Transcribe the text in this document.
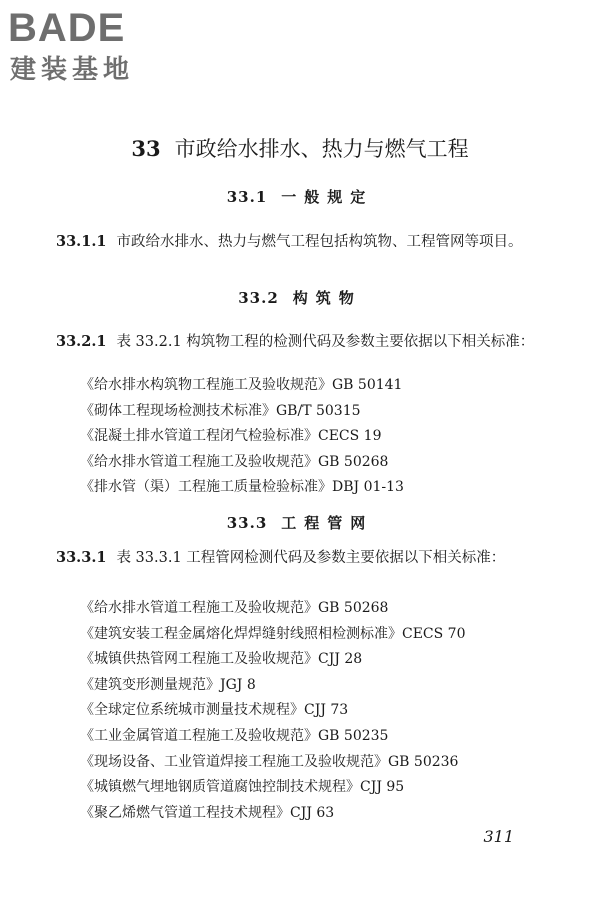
BADE
建装基地
33 市政给水排水、热力与燃气工程
33.1 一般规定
33.1.1 市政给水排水、热力与燃气工程包括构筑物、工程管网等项目。
33.2 构筑物
33.2.1 表 33.2.1 构筑物工程的检测代码及参数主要依据以下相关标准：
《给水排水构筑物工程施工及验收规范》GB 50141
《砌体工程现场检测技术标准》GB/T 50315
《混凝土排水管道工程闭气检验标准》CECS 19
《给水排水管道工程施工及验收规范》GB 50268
《排水管（渠）工程施工质量检验标准》DBJ 01-13
33.3 工程管网
33.3.1 表 33.3.1 工程管网检测代码及参数主要依据以下相关标准：
《给水排水管道工程施工及验收规范》GB 50268
《建筑安装工程金属熔化焊焊缝射线照相检测标准》CECS 70
《城镇供热管网工程施工及验收规范》CJJ 28
《建筑变形测量规范》JGJ 8
《全球定位系统城市测量技术规程》CJJ 73
《工业金属管道工程施工及验收规范》GB 50235
《现场设备、工业管道焊接工程施工及验收规范》GB 50236
《城镇燃气埋地钢质管道腐蚀控制技术规程》CJJ 95
《聚乙烯燃气管道工程技术规程》CJJ 63
311
